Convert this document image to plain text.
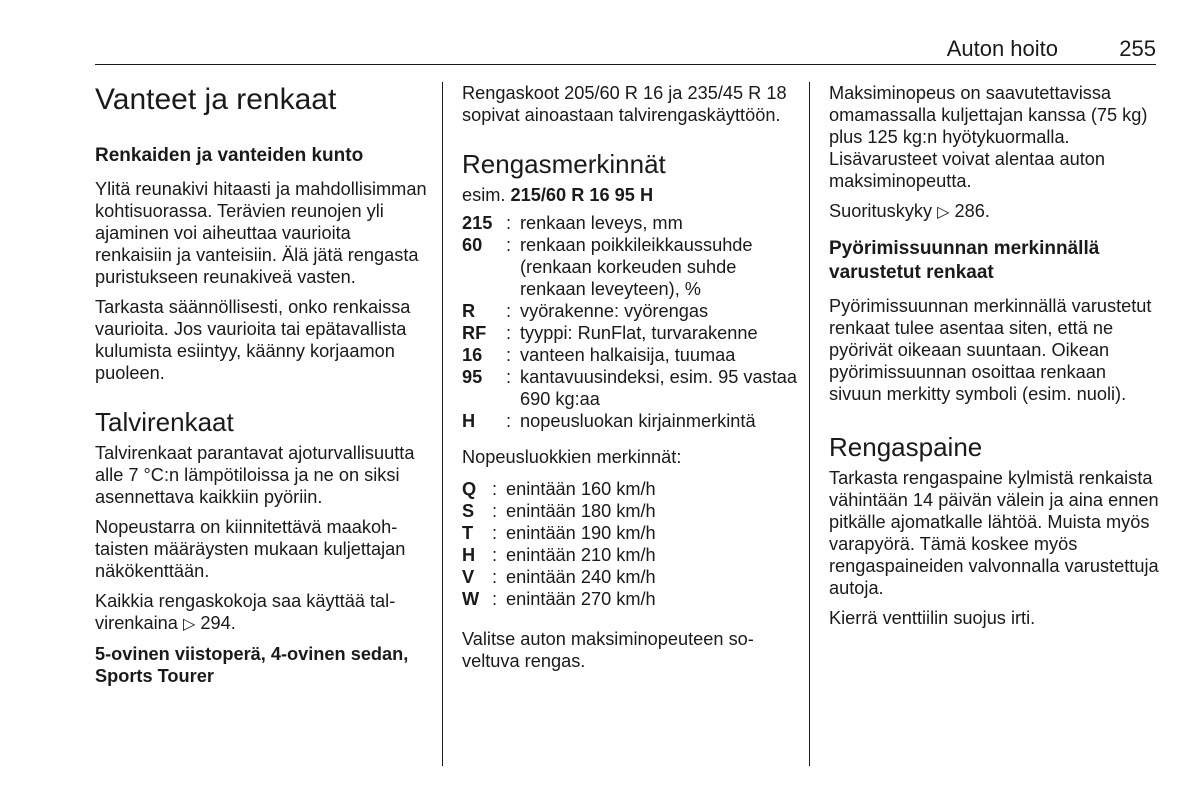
Auton hoito	255
Vanteet ja renkaat
Renkaiden ja vanteiden kunto

Ylitä reunakivi hitaasti ja mahdollisimman kohtisuorassa. Terävien reunojen yli ajaminen voi aiheuttaa vaurioita renkaisiin ja vanteisiin. Älä jätä rengasta puristukseen reunakiveä vasten.

Tarkasta säännöllisesti, onko renkaissa vaurioita. Jos vaurioita tai epätavallista kulumista esiintyy, käänny korjaamon puoleen.

Talvirenkaat

Talvirenkaat parantavat ajoturvallisuutta alle 7 °C:n lämpötiloissa ja ne on siksi asennettava kaikkiin pyöriin.

Nopeustarra on kiinnitettävä maakohtaisten määräysten mukaan kuljettajan näkökenttään.

Kaikkia rengaskokoja saa käyttää talvirenkaina ▷ 294.

5-ovinen viistoperä, 4-ovinen sedan, Sports Tourer

Rengaskoot 205/60 R 16 ja 235/45 R 18 sopivat ainoastaan talvirengaskäyttöön.

Rengasmerkinnät

esim. 215/60 R 16 95 H

215 : renkaan leveys, mm
60	: renkaan poikkileikkaussuhde (renkaan korkeuden suhde renkaan leveyteen), %
R	: vyörakenne: vyörengas
RF	: tyyppi: RunFlat, turvarakenne
16	: vanteen halkaisija, tuumaa
95	: kantavuusindeksi, esim. 95 vastaa 690 kg:aa
H	: nopeusluokan kirjainmerkintä

Nopeusluokkien merkinnät:

Q : enintään 160 km/h
S : enintään 180 km/h
T	: enintään 190 km/h
H : enintään 210 km/h
V : enintään 240 km/h
W : enintään 270 km/h

Valitse auton maksiminopeuteen soveltuva rengas.

Maksiminopeus on saavutettavissa omamassalla kuljettajan kanssa (75 kg) plus 125 kg:n hyötykuormalla. Lisävarusteet voivat alentaa auton maksiminopeutta.

Suorituskyky ▷ 286.

Pyörimissuunnan merkinnällä varustetut renkaat

Pyörimissuunnan merkinnällä varustetut renkaat tulee asentaa siten, että ne pyörivät oikeaan suuntaan. Oikean pyörimissuunnan osoittaa renkaan sivuun merkitty symboli (esim. nuoli).

Rengaspaine

Tarkasta rengaspaine kylmistä renkaista vähintään 14 päivän välein ja aina ennen pitkälle ajomatkalle lähtöä. Muista myös varapyörä. Tämä koskee myös rengaspaineiden valvonnalla varustettuja autoja.

Kierrä venttiilin suojus irti.
